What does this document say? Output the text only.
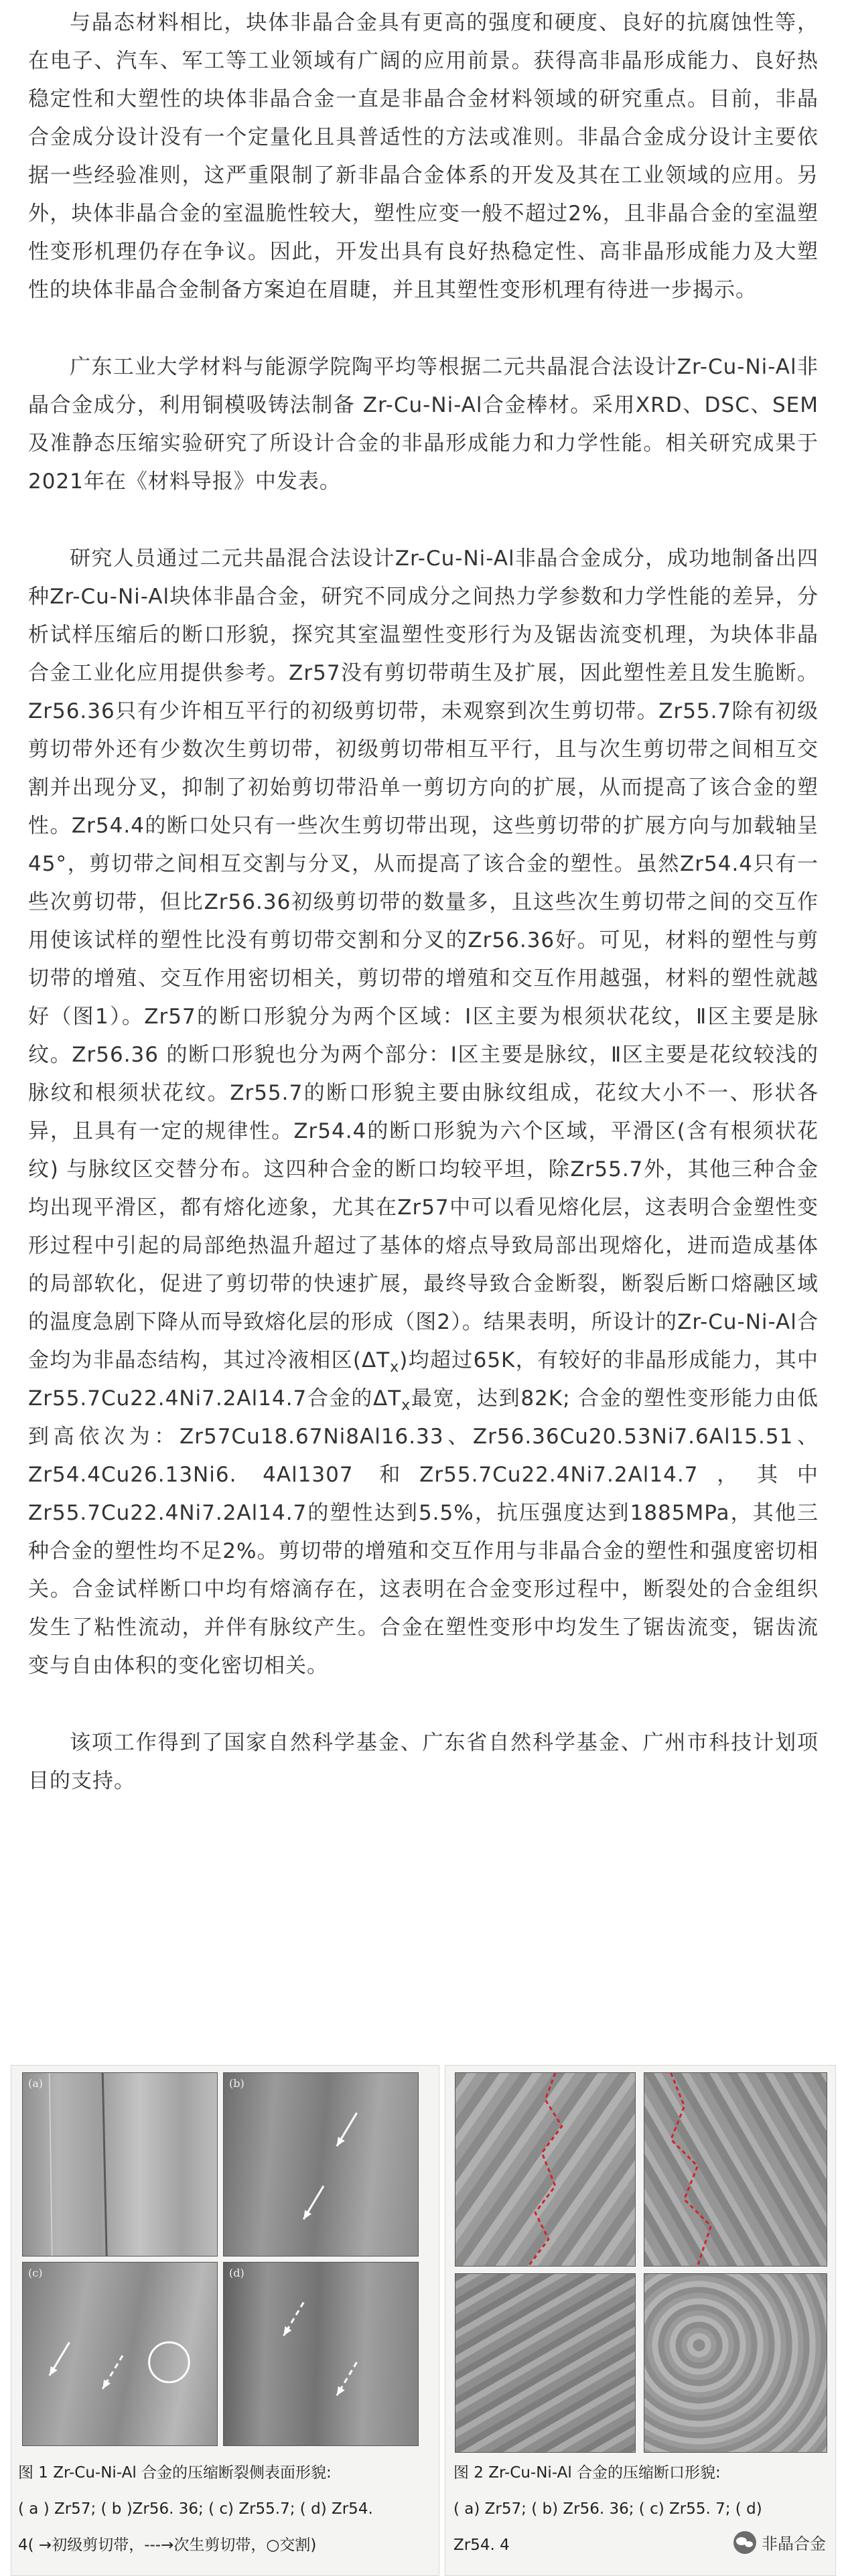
与晶态材料相比，块体非晶合金具有更高的强度和硬度、良好的抗腐蚀性等，在电子、汽车、军工等工业领域有广阔的应用前景。获得高非晶形成能力、良好热稳定性和大塑性的块体非晶合金一直是非晶合金材料领域的研究重点。目前，非晶合金成分设计没有一个定量化且具普适性的方法或准则。非晶合金成分设计主要依据一些经验准则，这严重限制了新非晶合金体系的开发及其在工业领域的应用。另外，块体非晶合金的室温脆性较大，塑性应变一般不超过2%，且非晶合金的室温塑性变形机理仍存在争议。因此，开发出具有良好热稳定性、高非晶形成能力及大塑性的块体非晶合金制备方案迫在眉睫，并且其塑性变形机理有待进一步揭示。

广东工业大学材料与能源学院陶平均等根据二元共晶混合法设计Zr-Cu-Ni-Al非晶合金成分，利用铜模吸铸法制备 Zr-Cu-Ni-Al合金棒材。采用XRD、DSC、SEM及准静态压缩实验研究了所设计合金的非晶形成能力和力学性能。相关研究成果于2021年在《材料导报》中发表。

研究人员通过二元共晶混合法设计Zr-Cu-Ni-Al非晶合金成分，成功地制备出四种Zr-Cu-Ni-Al块体非晶合金，研究不同成分之间热力学参数和力学性能的差异，分析试样压缩后的断口形貌，探究其室温塑性变形行为及锯齿流变机理，为块体非晶合金工业化应用提供参考。Zr57没有剪切带萌生及扩展，因此塑性差且发生脆断。Zr56.36只有少许相互平行的初级剪切带，未观察到次生剪切带。Zr55.7除有初级剪切带外还有少数次生剪切带，初级剪切带相互平行，且与次生剪切带之间相互交割并出现分叉，抑制了初始剪切带沿单一剪切方向的扩展，从而提高了该合金的塑性。Zr54.4的断口处只有一些次生剪切带出现，这些剪切带的扩展方向与加载轴呈45°，剪切带之间相互交割与分叉，从而提高了该合金的塑性。虽然Zr54.4只有一些次剪切带，但比Zr56.36初级剪切带的数量多，且这些次生剪切带之间的交互作用使该试样的塑性比没有剪切带交割和分叉的Zr56.36好。可见，材料的塑性与剪切带的增殖、交互作用密切相关，剪切带的增殖和交互作用越强，材料的塑性就越好（图1）。Zr57的断口形貌分为两个区域：Ⅰ区主要为根须状花纹，Ⅱ区主要是脉纹。Zr56.36 的断口形貌也分为两个部分：Ⅰ区主要是脉纹，Ⅱ区主要是花纹较浅的脉纹和根须状花纹。Zr55.7的断口形貌主要由脉纹组成，花纹大小不一、形状各异，且具有一定的规律性。Zr54.4的断口形貌为六个区域，平滑区(含有根须状花纹) 与脉纹区交替分布。这四种合金的断口均较平坦，除Zr55.7外，其他三种合金均出现平滑区，都有熔化迹象，尤其在Zr57中可以看见熔化层，这表明合金塑性变形过程中引起的局部绝热温升超过了基体的熔点导致局部出现熔化，进而造成基体的局部软化，促进了剪切带的快速扩展，最终导致合金断裂，断裂后断口熔融区域的温度急剧下降从而导致熔化层的形成（图2）。结果表明，所设计的Zr-Cu-Ni-Al合金均为非晶态结构，其过冷液相区$(\Delta T_x)$均超过65K，有较好的非晶形成能力，其中Zr55.7Cu22.4Ni7.2Al14.7合金的$\Delta T_x$最宽，达到82K; 合金的塑性变形能力由低到高依次为：Zr57Cu18.67Ni8Al16.33、Zr56.36Cu20.53Ni7.6Al15.51、Zr54.4Cu26.13Ni6. 4Al1307 和Zr55.7Cu22.4Ni7.2Al14.7，其中Zr55.7Cu22.4Ni7.2Al14.7的塑性达到5.5%，抗压强度达到1885MPa，其他三种合金的塑性均不足2%。剪切带的增殖和交互作用与非晶合金的塑性和强度密切相关。合金试样断口中均有熔滴存在，这表明在合金变形过程中，断裂处的合金组织发生了粘性流动，并伴有脉纹产生。合金在塑性变形中均发生了锯齿流变，锯齿流变与自由体积的变化密切相关。

该项工作得到了国家自然科学基金、广东省自然科学基金、广州市科技计划项目的支持。

(a)	(b)
(c)	(d)
图 1 Zr-Cu-Ni-Al 合金的压缩断裂侧表面形貌:
( a ) Zr57; ( b )Zr56. 36; ( c) Zr55.7; ( d) Zr54.
4( →初级剪切带，---→次生剪切带，○交割)
图 2 Zr-Cu-Ni-Al 合金的压缩断口形貌:
( a) Zr57; ( b) Zr56. 36; ( c) Zr55. 7; ( d)
Zr54. 4	非晶合金
